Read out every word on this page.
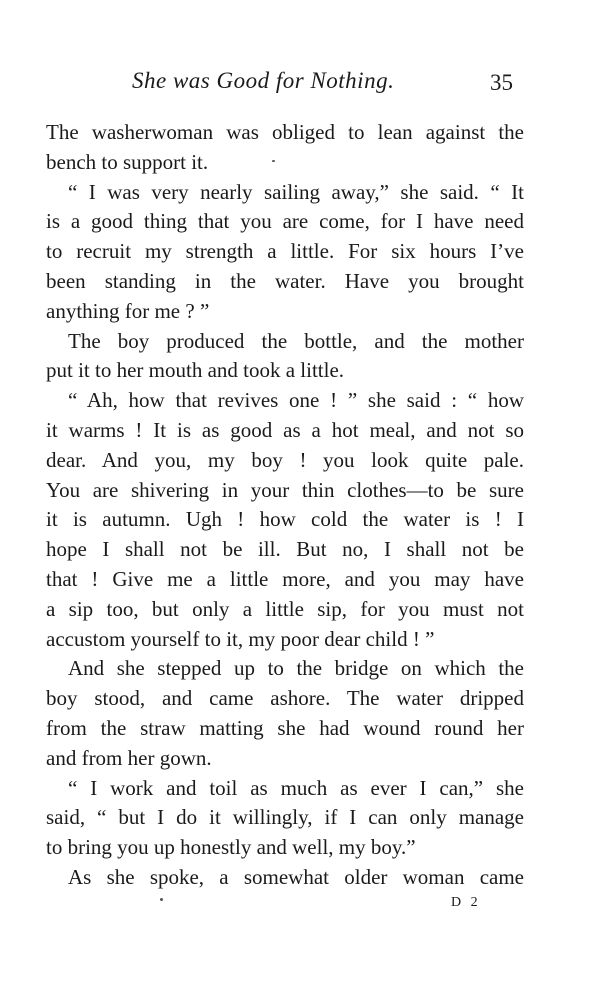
She was Good for Nothing.	35
The washerwoman was obliged to lean against the
bench to support it.
“ I was very nearly sailing away,” she said. “ It
is a good thing that you are come, for I have need
to recruit my strength a little. For six hours I’ve
been standing in the water. Have you brought
anything for me ? ”
The boy produced the bottle, and the mother
put it to her mouth and took a little.
“ Ah, how that revives one ! ” she said : “ how
it warms ! It is as good as a hot meal, and not so
dear. And you, my boy ! you look quite pale.
You are shivering in your thin clothes—to be sure
it is autumn. Ugh ! how cold the water is ! I
hope I shall not be ill. But no, I shall not be
that ! Give me a little more, and you may have
a sip too, but only a little sip, for you must not
accustom yourself to it, my poor dear child ! ”
And she stepped up to the bridge on which the
boy stood, and came ashore. The water dripped
from the straw matting she had wound round her
and from her gown.
“ I work and toil as much as ever I can,” she
said, “ but I do it willingly, if I can only manage
to bring you up honestly and well, my boy.”
As she spoke, a somewhat older woman came
D 2
